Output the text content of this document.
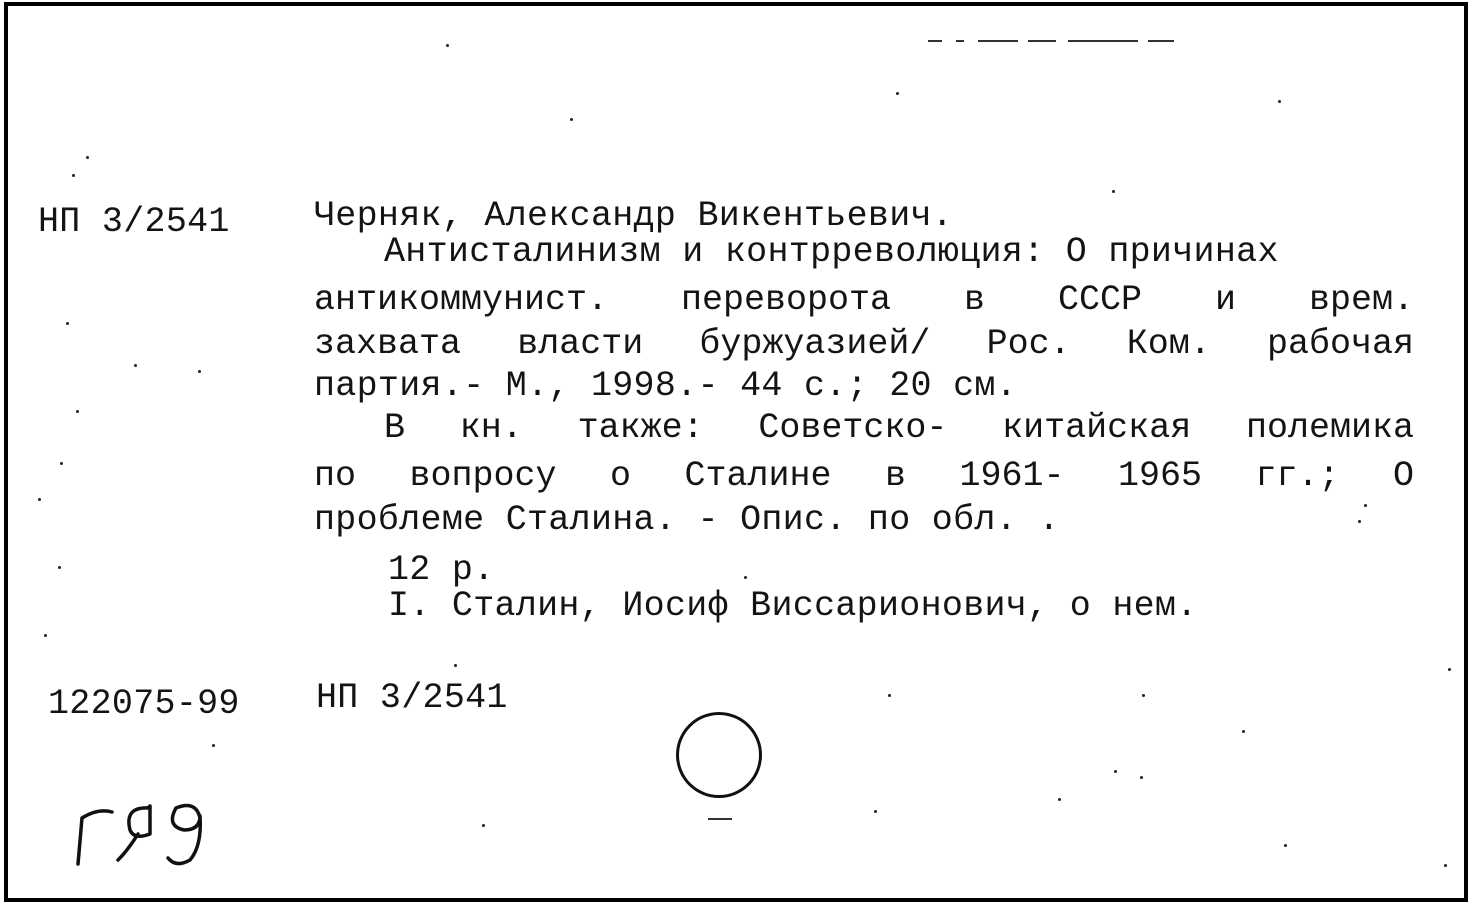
НП 3/2541 Черняк, Александр Викентьевич.
Антисталинизм и контрреволюция: О причинах
антикоммунист. переворота в СССР и врем.
захвата власти буржуазией/ Рос. Ком. рабочая
партия.- М., 1998.- 44 с.; 20 см.
В кн. также: Советско- китайская полемика
по вопросу о Сталине в 1961- 1965 гг.; О
проблеме Сталина. - Опис. по обл. .
12 р.
I. Сталин, Иосиф Виссарионович, о нем.
122075-99 НП 3/2541
